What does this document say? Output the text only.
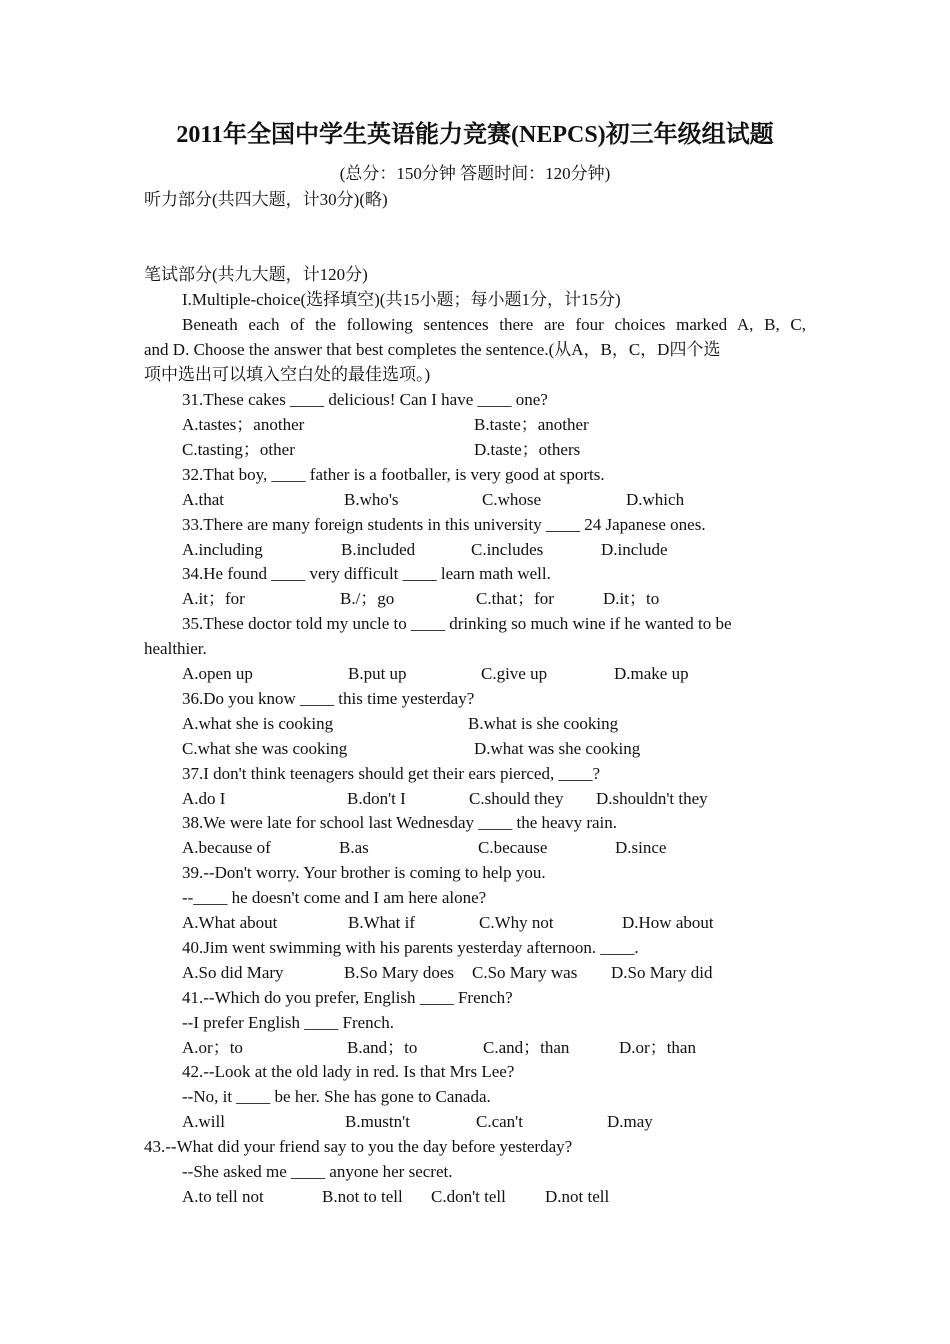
2011年全国中学生英语能力竞赛(NEPCS)初三年级组试题
(总分：150分钟 答题时间：120分钟)
听力部分(共四大题，计30分)(略)
笔试部分(共九大题，计120分)
I.Multiple-choice(选择填空)(共15小题；每小题1分，计15分)
Beneath each of the following sentences there are four choices marked A, B, C,
and D. Choose the answer that best completes the sentence.(从A，B，C，D四个选
项中选出可以填入空白处的最佳选项。)
31.These cakes ____ delicious! Can I have ____ one?
A.tastes；another	B.taste；another
C.tasting；other	D.taste；others
32.That boy, ____ father is a footballer, is very good at sports.
A.that	B.who's	C.whose	D.which
33.There are many foreign students in this university ____ 24 Japanese ones.
A.including	B.included	C.includes	D.include
34.He found ____ very difficult ____ learn math well.
A.it；for	B./；go	C.that；for	D.it；to
35.These doctor told my uncle to ____ drinking so much wine if he wanted to be
healthier.
A.open up	B.put up	C.give up	D.make up
36.Do you know ____ this time yesterday?
A.what she is cooking	B.what is she cooking
C.what she was cooking	D.what was she cooking
37.I don't think teenagers should get their ears pierced, ____?
A.do I	B.don't I	C.should they D.shouldn't they
38.We were late for school last Wednesday ____ the heavy rain.
A.because of	B.as	C.because	D.since
39.--Don't worry. Your brother is coming to help you.
--____ he doesn't come and I am here alone?
A.What about	B.What if	C.Why not	D.How about
40.Jim went swimming with his parents yesterday afternoon. ____.
A.So did Mary	B.So Mary does C.So Mary was D.So Mary did
41.--Which do you prefer, English ____ French?
--I prefer English ____ French.
A.or；to	B.and；to	C.and；than	D.or；than
42.--Look at the old lady in red. Is that Mrs Lee?
--No, it ____ be her. She has gone to Canada.
A.will	B.mustn't	C.can't	D.may
43.--What did your friend say to you the day before yesterday?
--She asked me ____ anyone her secret.
A.to tell not	B.not to tell C.don't tell D.not tell
